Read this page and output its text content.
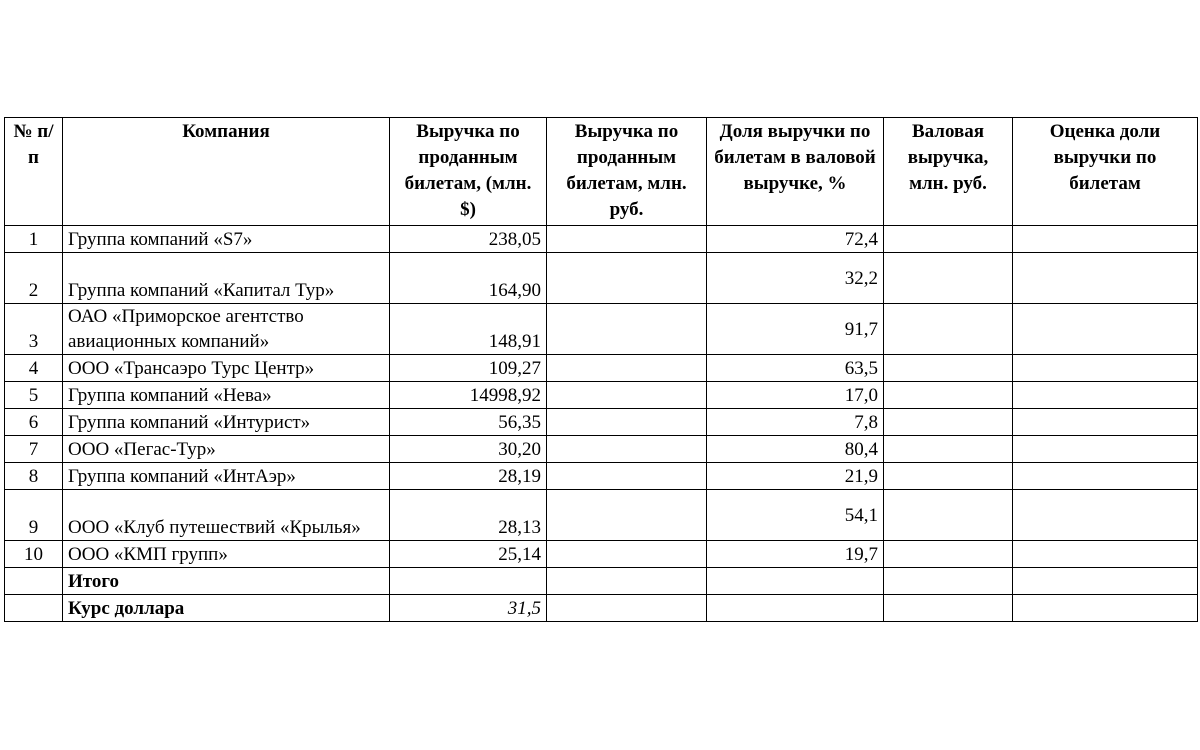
№ п/п	Компания	Выручка по проданным билетам, (млн. $)	Выручка по проданным билетам, млн. руб.	Доля выручки по билетам в валовой выручке, %	Валовая выручка, млн. руб.	Оценка доли выручки по билетам
1	Группа компаний «S7»	238,05		72,4		
2	Группа компаний «Капитал Тур»	164,90		32,2		
3	ОАО «Приморское агентство авиационных компаний»	148,91		91,7		
4	ООО «Трансаэро Турс Центр»	109,27		63,5		
5	Группа компаний «Нева»	14998,92		17,0		
6	Группа компаний «Интурист»	56,35		7,8		
7	ООО «Пегас-Тур»	30,20		80,4		
8	Группа компаний «ИнтАэр»	28,19		21,9		
9	ООО «Клуб путешествий «Крылья»	28,13		54,1		
10	ООО «КМП групп»	25,14		19,7		
	Итого					
	Курс доллара	31,5				
